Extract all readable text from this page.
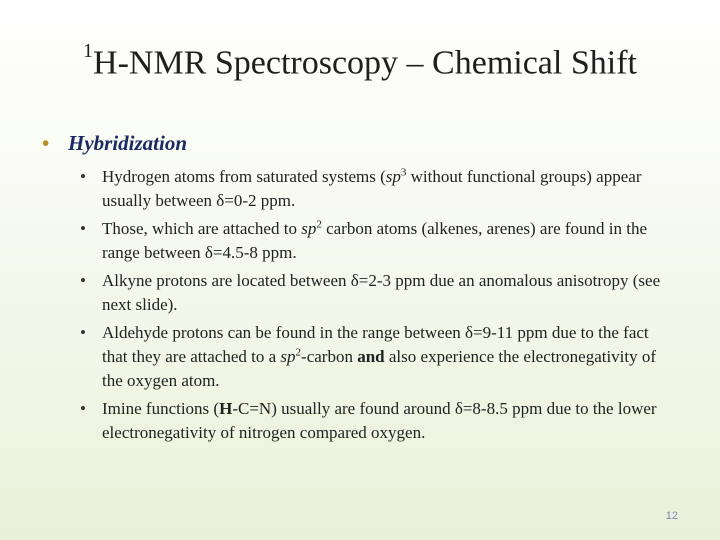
$^1$H-NMR Spectroscopy – Chemical Shift
• Hybridization
• Hydrogen atoms from saturated systems ($sp^3$ without functional groups) appear usually between δ=0-2 ppm.
• Those, which are attached to $sp^2$ carbon atoms (alkenes, arenes) are found in the range between δ=4.5-8 ppm.
• Alkyne protons are located between δ=2-3 ppm due an anomalous anisotropy (see next slide).
• Aldehyde protons can be found in the range between δ=9-11 ppm due to the fact that they are attached to a $sp^2$-carbon and also experience the electronegativity of the oxygen atom.
• Imine functions (H-C=N) usually are found around δ=8-8.5 ppm due to the lower electronegativity of nitrogen compared oxygen.
12
